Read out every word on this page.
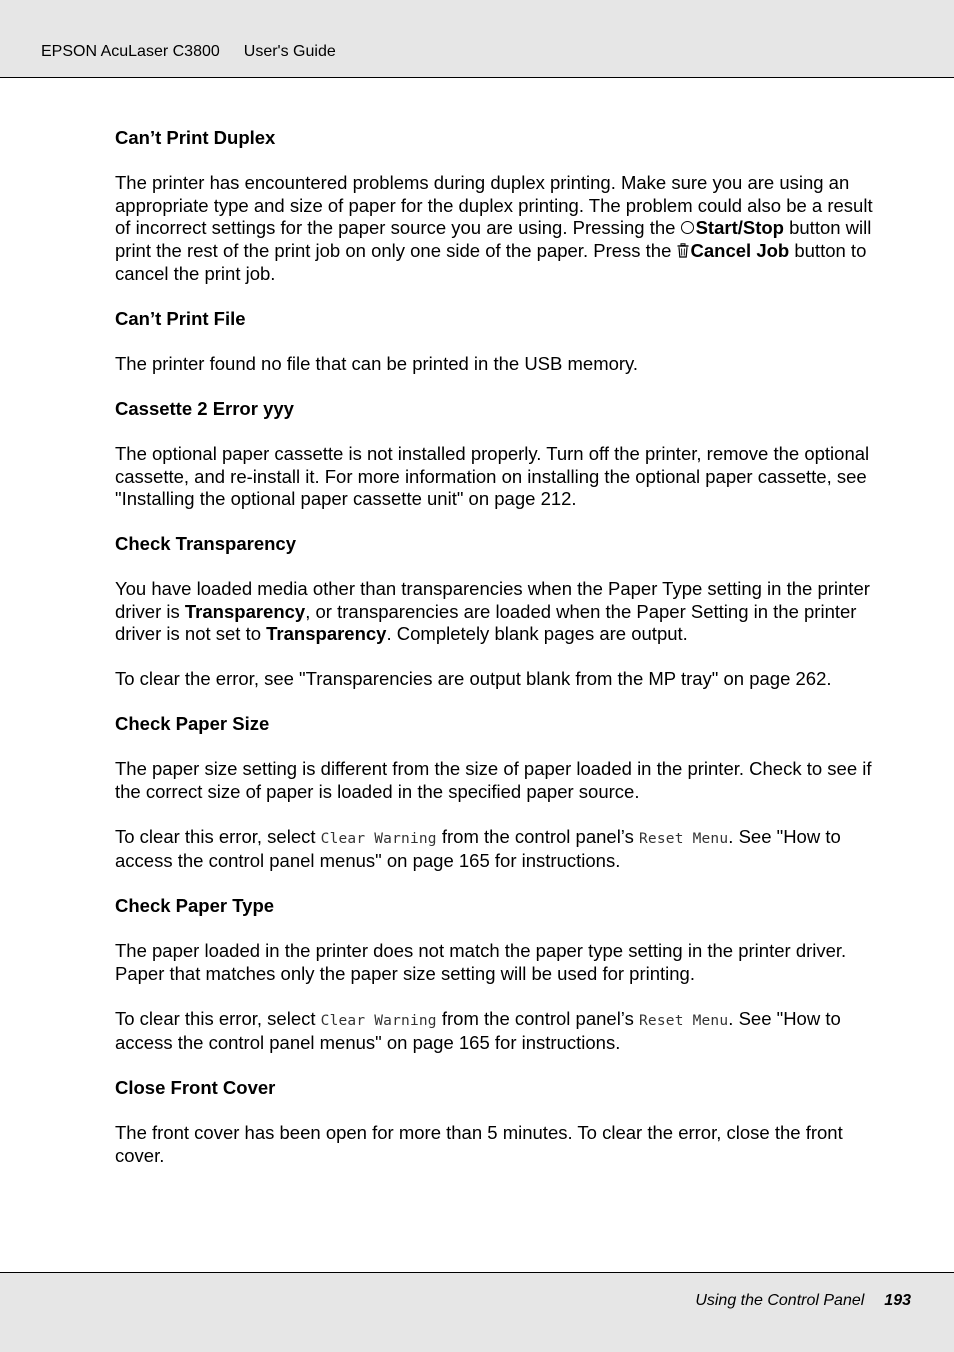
EPSON AcuLaser C3800 User's Guide
Can’t Print Duplex

The printer has encountered problems during duplex printing. Make sure you are using an appropriate type and size of paper for the duplex printing. The problem could also be a result of incorrect settings for the paper source you are using. Pressing the Start/Stop button will print the rest of the print job on only one side of the paper. Press the Cancel Job button to cancel the print job.

Can’t Print File

The printer found no file that can be printed in the USB memory.

Cassette 2 Error yyy

The optional paper cassette is not installed properly. Turn off the printer, remove the optional cassette, and re-install it. For more information on installing the optional paper cassette, see "Installing the optional paper cassette unit" on page 212.

Check Transparency

You have loaded media other than transparencies when the Paper Type setting in the printer driver is Transparency, or transparencies are loaded when the Paper Setting in the printer driver is not set to Transparency. Completely blank pages are output.

To clear the error, see "Transparencies are output blank from the MP tray" on page 262.

Check Paper Size

The paper size setting is different from the size of paper loaded in the printer. Check to see if the correct size of paper is loaded in the specified paper source.

To clear this error, select Clear Warning from the control panel’s Reset Menu. See "How to access the control panel menus" on page 165 for instructions.

Check Paper Type

The paper loaded in the printer does not match the paper type setting in the printer driver. Paper that matches only the paper size setting will be used for printing.

To clear this error, select Clear Warning from the control panel’s Reset Menu. See "How to access the control panel menus" on page 165 for instructions.

Close Front Cover

The front cover has been open for more than 5 minutes. To clear the error, close the front cover.

Using the Control Panel 193
